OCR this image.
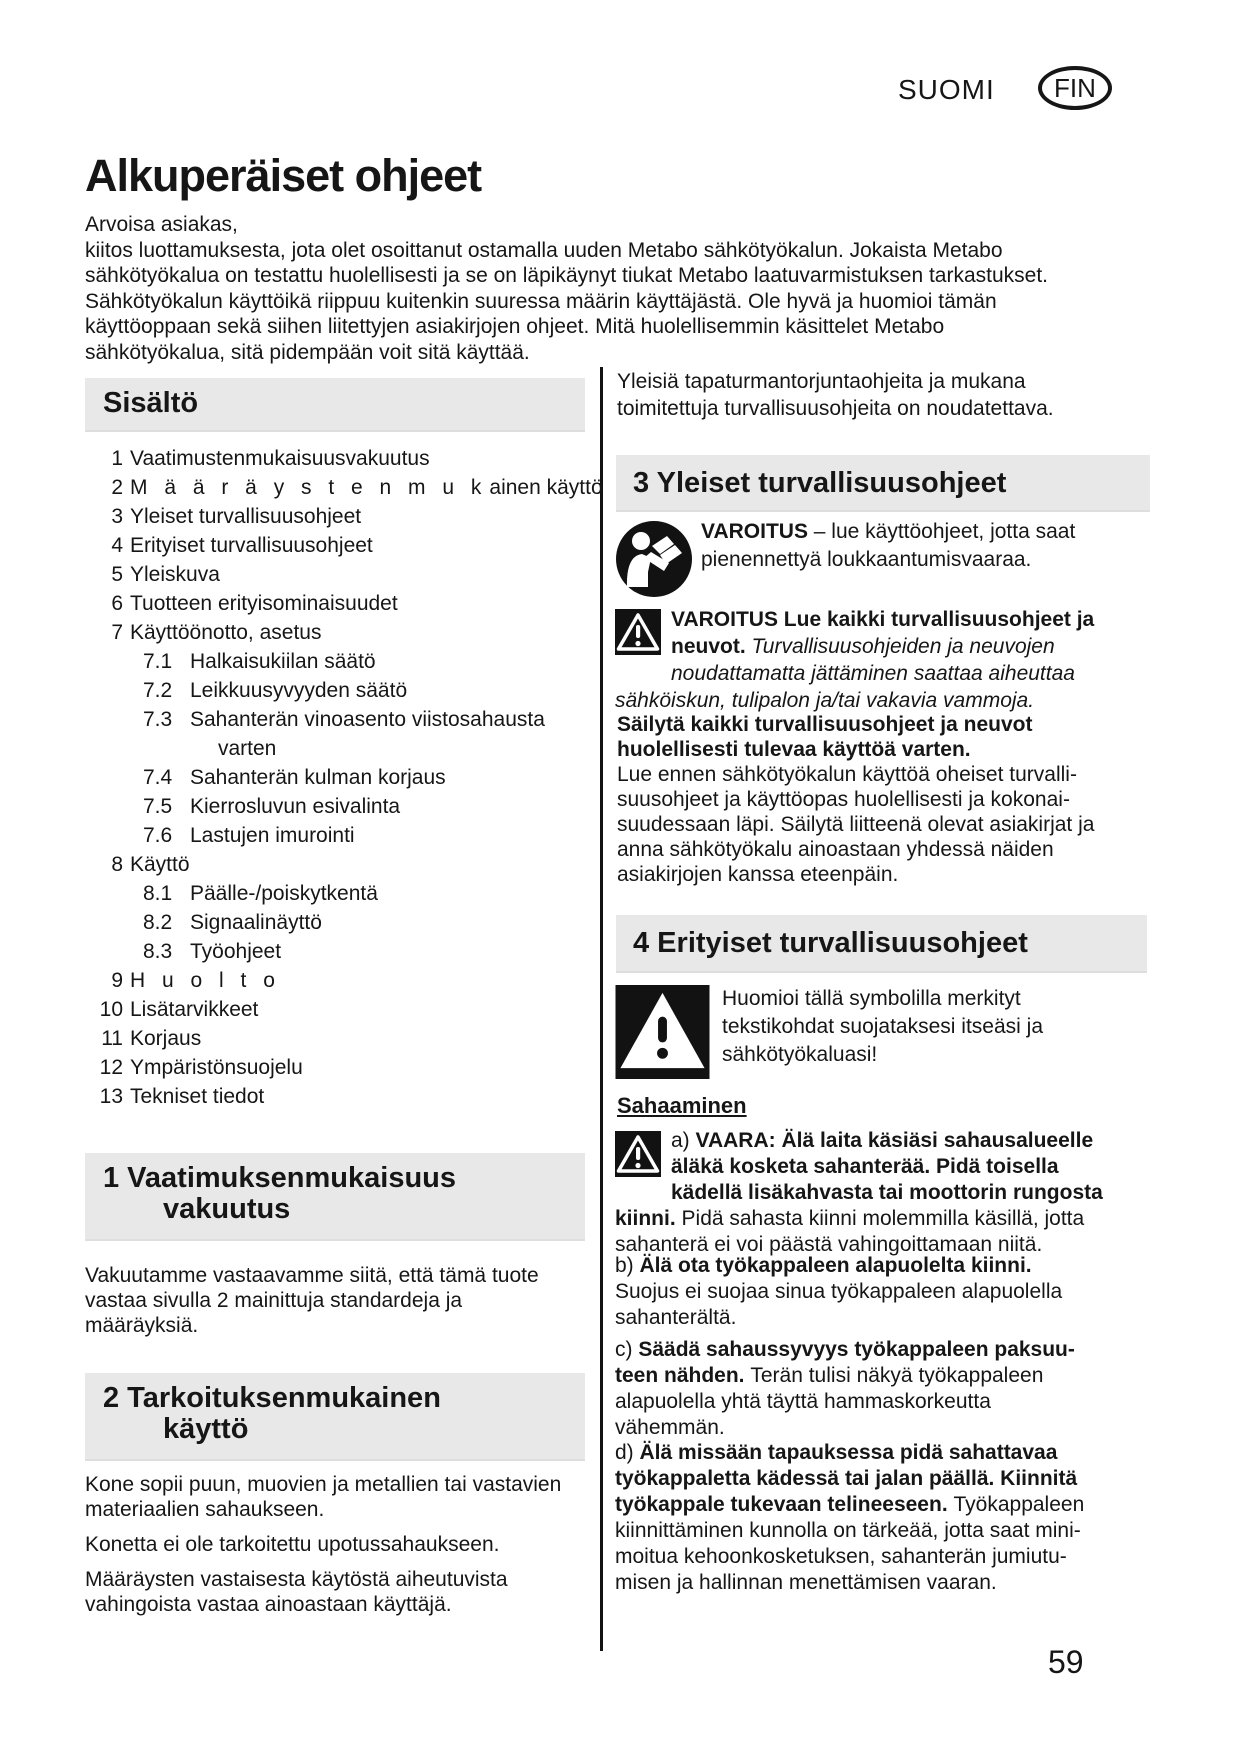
SUOMI	FIN
Alkuperäiset ohjeet
Arvoisa asiakas,
kiitos luottamuksesta, jota olet osoittanut ostamalla uuden Metabo sähkötyökalun. Jokaista Metabo
sähkötyökalua on testattu huolellisesti ja se on läpikäynyt tiukat Metabo laatuvarmistuksen tarkastukset.
Sähkötyökalun käyttöikä riippuu kuitenkin suuressa määrin käyttäjästä. Ole hyvä ja huomioi tämän
käyttöoppaan sekä siihen liitettyjen asiakirjojen ohjeet. Mitä huolellisemmin käsittelet Metabo
sähkötyökalua, sitä pidempään voit sitä käyttää.
Sisältö
1 Vaatimustenmukaisuusvakuutus
2 M ä ä r ä y s t e n m u k ainen käyttö
3 Yleiset turvallisuusohjeet
4 Erityiset turvallisuusohjeet
5 Yleiskuva
6 Tuotteen erityisominaisuudet
7 Käyttöönotto, asetus
7.1 Halkaisukiilan säätö
7.2 Leikkuusyvyyden säätö
7.3 Sahanterän vinoasento viistosahausta
varten
7.4 Sahanterän kulman korjaus
7.5 Kierrosluvun esivalinta
7.6 Lastujen imurointi
8 Käyttö
8.1 Päälle-/poiskytkentä
8.2 Signaalinäyttö
8.3 Työohjeet
9 H u o l t o
10 Lisätarvikkeet
11 Korjaus
12 Ympäristönsuojelu
13 Tekniset tiedot
1 Vaatimuksenmukaisuus
vakuutus
Vakuutamme vastaavamme siitä, että tämä tuote
vastaa sivulla 2 mainittuja standardeja ja
määräyksiä.
2 Tarkoituksenmukainen
käyttö
Kone sopii puun, muovien ja metallien tai vastavien
materiaalien sahaukseen.
Konetta ei ole tarkoitettu upotussahaukseen.
Määräysten vastaisesta käytöstä aiheutuvista
vahingoista vastaa ainoastaan käyttäjä.
Yleisiä tapaturmantorjuntaohjeita ja mukana
toimitettuja turvallisuusohjeita on noudatettava.
3 Yleiset turvallisuusohjeet
VAROITUS – lue käyttöohjeet, jotta saat
pienennettyä loukkaantumisvaaraa.
VAROITUS Lue kaikki turvallisuusohjeet ja
neuvot. Turvallisuusohjeiden ja neuvojen
noudattamatta jättäminen saattaa aiheuttaa
sähköiskun, tulipalon ja/tai vakavia vammoja.
Säilytä kaikki turvallisuusohjeet ja neuvot
huolellisesti tulevaa käyttöä varten.
Lue ennen sähkötyökalun käyttöä oheiset turvalli-
suusohjeet ja käyttöopas huolellisesti ja kokonai-
suudessaan läpi. Säilytä liitteenä olevat asiakirjat ja
anna sähkötyökalu ainoastaan yhdessä näiden
asiakirjojen kanssa eteenpäin.
4 Erityiset turvallisuusohjeet
Huomioi tällä symbolilla merkityt
tekstikohdat suojataksesi itseäsi ja
sähkötyökaluasi!
Sahaaminen
a) VAARA: Älä laita käsiäsi sahausalueelle
äläkä kosketa sahanterää. Pidä toisella
kädellä lisäkahvasta tai moottorin rungosta
kiinni. Pidä sahasta kiinni molemmilla käsillä, jotta
sahanterä ei voi päästä vahingoittamaan niitä.
b) Älä ota työkappaleen alapuolelta kiinni.
Suojus ei suojaa sinua työkappaleen alapuolella
sahanterältä.
c) Säädä sahaussyvyys työkappaleen paksuu-
teen nähden. Terän tulisi näkyä työkappaleen
alapuolella yhtä täyttä hammaskorkeutta
vähemmän.
d) Älä missään tapauksessa pidä sahattavaa
työkappaletta kädessä tai jalan päällä. Kiinnitä
työkappale tukevaan telineeseen. Työkappaleen
kiinnittäminen kunnolla on tärkeää, jotta saat mini-
moitua kehoonkosketuksen, sahanterän jumiutu-
misen ja hallinnan menettämisen vaaran.
59
